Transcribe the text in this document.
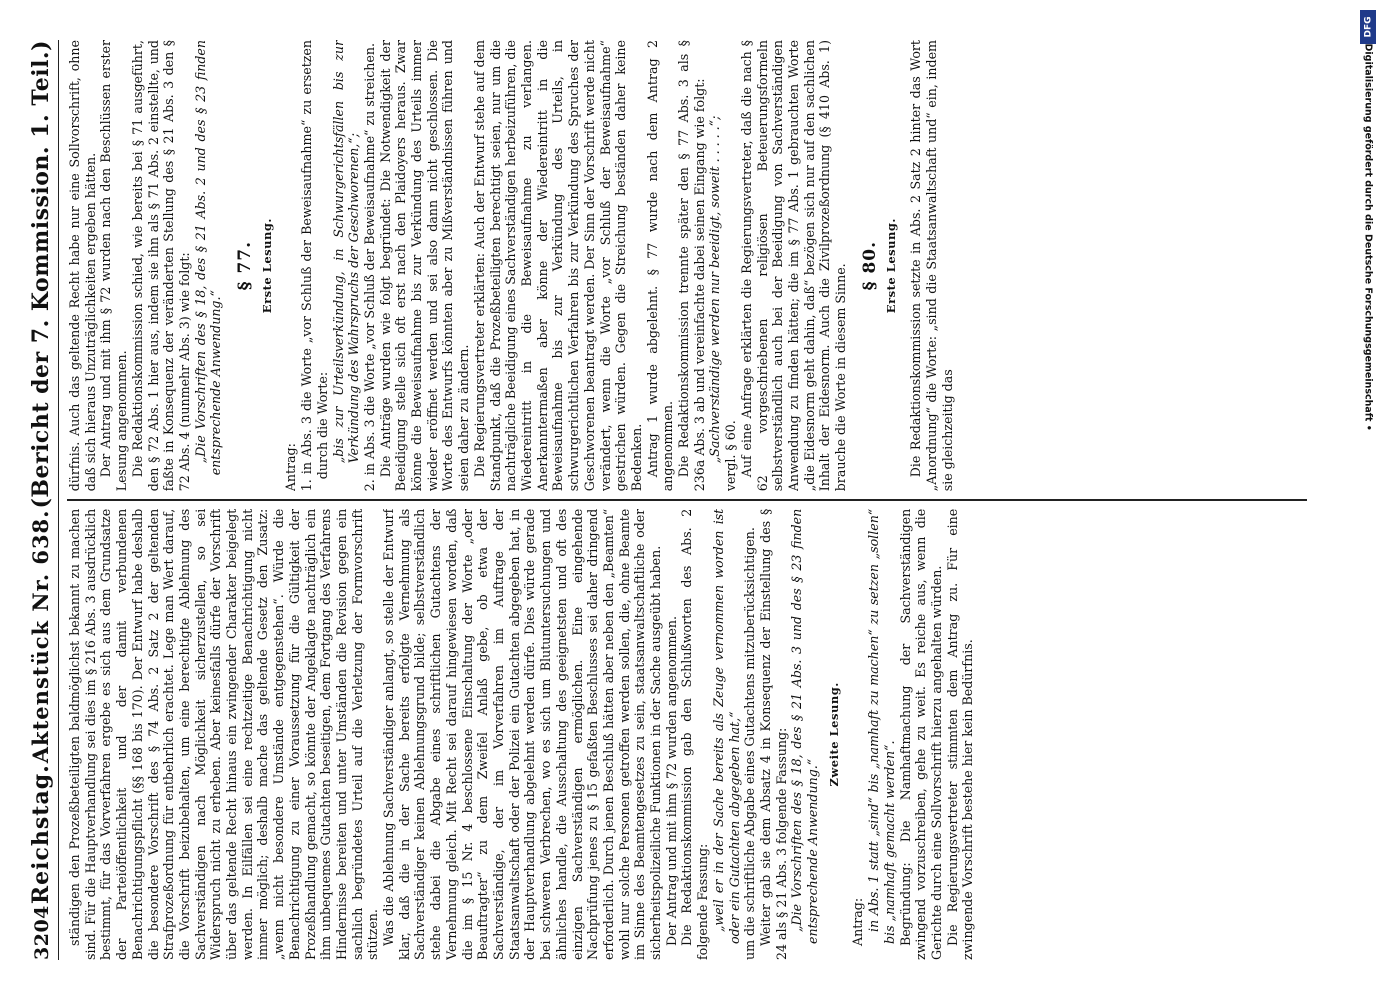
3204
Reichstag.
Aktenstück Nr. 638.
(Bericht der 7. Kommission. 1. Teil.)

ständigen den Prozeßbeteiligten baldmöglichst bekannt zu machen sind. Für die Hauptverhandlung sei dies im § 216 Abs. 3 ausdrücklich bestimmt, für das Vorverfahren ergebe es sich aus dem Grundsatze der Parteiöffentlichkeit und der damit verbundenen Benachrichtigungspflicht (§§ 168 bis 170). Der Entwurf habe deshalb die besondere Vorschrift des § 74 Abs. 2 Satz 2 der geltenden Strafprozeßordnung für entbehrlich erachtet. Lege man Wert darauf, die Vorschrift beizubehalten, um eine berechtigte Ablehnung des Sachverständigen nach Möglichkeit sicherzustellen, so sei Widerspruch nicht zu erheben. Aber keinesfalls dürfe der Vorschrift über das geltende Recht hinaus ein zwingender Charakter beigelegt werden. In Eilfällen sei eine rechtzeitige Benachrichtigung nicht immer möglich; deshalb mache das geltende Gesetz den Zusatz: „wenn nicht besondere Umstände entgegenstehen“. Würde die Benachrichtigung zu einer Voraussetzung für die Gültigkeit der Prozeßhandlung gemacht, so könnte der Angeklagte nachträglich ein ihm unbequemes Gutachten beseitigen, dem Fortgang des Verfahrens Hindernisse bereiten und unter Umständen die Revision gegen ein sachlich begründetes Urteil auf die Verletzung der Formvorschrift stützen. Was die Ablehnung Sachverständiger anlangt, so stelle der Entwurf klar, daß die in der Sache bereits erfolgte Vernehmung als Sachverständiger keinen Ablehnungsgrund bilde; selbstverständlich stehe dabei die Abgabe eines schriftlichen Gutachtens der Vernehmung gleich. Mit Recht sei darauf hingewiesen worden, daß die im § 15 Nr. 4 beschlossene Einschaltung der Worte „oder Beauftragter“ zu dem Zweifel Anlaß gebe, ob etwa der Sachverständige, der im Vorverfahren im Auftrage der Staatsanwaltschaft oder der Polizei ein Gutachten abgegeben hat, in der Hauptverhandlung abgelehnt werden dürfe. Dies würde gerade bei schweren Verbrechen, wo es sich um Blutuntersuchungen und ähnliches handle, die Ausschaltung des geeignetsten und oft des einzigen Sachverständigen ermöglichen. Eine eingehende Nachprüfung jenes zu § 15 gefaßten Beschlusses sei daher dringend erforderlich. Durch jenen Beschluß hätten aber neben den „Beamten“ wohl nur solche Personen getroffen werden sollen, die, ohne Beamte im Sinne des Beamtengesetzes zu sein, staatsanwaltschaftliche oder sicherheitspolizeiliche Funktionen in der Sache ausgeübt haben. Der Antrag und mit ihm § 72 wurden angenommen. Die Redaktionskommission gab den Schlußworten des Abs. 2 folgende Fassung: „weil er in der Sache bereits als Zeuge vernommen worden ist oder ein Gutachten abgegeben hat,“ um die schriftliche Abgabe eines Gutachtens mitzuberücksichtigen. Weiter gab sie dem Absatz 4 in Konsequenz der Einstellung des § 24 als § 21 Abs. 3 folgende Fassung: „Die Vorschriften des § 18, des § 21 Abs. 3 und des § 23 finden entsprechende Anwendung.“

Zweite Lesung.

Antrag: in Abs. 1 statt „sind“ bis „namhaft zu machen“ zu setzen „sollen“ bis „namhaft gemacht werden“. Begründung: Die Namhaftmachung der Sachverständigen zwingend vorzuschreiben, gehe zu weit. Es reiche aus, wenn die Gerichte durch eine Sollvorschrift hierzu angehalten würden. Die Regierungsvertreter stimmten dem Antrag zu. Für eine zwingende Vorschrift bestehe hier kein Bedürfnis.

dürfnis. Auch das geltende Recht habe nur eine Sollvorschrift, ohne daß sich hieraus Unzuträglichkeiten ergeben hätten. Der Antrag und mit ihm § 72 wurden nach den Beschlüssen erster Lesung angenommen. Die Redaktionskommission schied, wie bereits bei § 71 ausgeführt, den § 72 Abs. 1 hier aus, indem sie ihn als § 71 Abs. 2 einstellte, und faßte in Konsequenz der veränderten Stellung des § 21 Abs. 3 den § 72 Abs. 4 (nunmehr Abs. 3) wie folgt: „Die Vorschriften des § 18, des § 21 Abs. 2 und des § 23 finden entsprechende Anwendung.“

§ 77. Erste Lesung.

Antrag: 1. in Abs. 3 die Worte „vor Schluß der Beweisaufnahme“ zu ersetzen durch die Worte: „bis zur Urteilsverkündung, in Schwurgerichtsfällen bis zur Verkündung des Wahrspruchs der Geschworenen,“; 2. in Abs. 3 die Worte „vor Schluß der Beweisaufnahme“ zu streichen. Die Anträge wurden wie folgt begründet: Die Notwendigkeit der Beeidigung stelle sich oft erst nach den Plaidoyers heraus. Zwar könne die Beweisaufnahme bis zur Verkündung des Urteils immer wieder eröffnet werden und sei also dann nicht geschlossen. Die Worte des Entwurfs könnten aber zu Mißverständnissen führen und seien daher zu ändern. Die Regierungsvertreter erklärten: Auch der Entwurf stehe auf dem Standpunkt, daß die Prozeßbeteiligten berechtigt seien, nur um die nachträgliche Beeidigung eines Sachverständigen herbeizuführen, die Wiedereintritt in die Beweisaufnahme zu verlangen. Anerkanntermaßen aber könne der Wiedereintritt in die Beweisaufnahme bis zur Verkündung des Urteils, in schwurgerichtlichen Verfahren bis zur Verkündung des Spruches der Geschworenen beantragt werden. Der Sinn der Vorschrift werde nicht verändert, wenn die Worte „vor Schluß der Beweisaufnahme“ gestrichen würden. Gegen die Streichung beständen daher keine Bedenken. Antrag 1 wurde abgelehnt. § 77 wurde nach dem Antrag 2 angenommen. Die Redaktionskommission trennte später den § 77 Abs. 3 als § 236a Abs. 3 ab und vereinfachte dabei seinen Eingang wie folgt: „Sachverständige werden nur beeidigt, soweit . . . . .“; vergl. § 60. Auf eine Anfrage erklärten die Regierungsvertreter, daß die nach § 62 vorgeschriebenen religiösen Beteuerungsformeln selbstverständlich auch bei der Beeidigung von Sachverständigen Anwendung zu finden hätten; die im § 77 Abs. 1 gebrauchten Worte „die Eidesnorm geht dahin, daß“ bezögen sich nur auf den sachlichen Inhalt der Eidesnorm. Auch die Zivilprozeßordnung (§ 410 Abs. 1) brauche die Worte in diesem Sinne. § 80. Erste Lesung. Die Redaktionskommission setzte in Abs. 2 Satz 2 hinter das Wort „Anordnung“ die Worte: „sind die Staatsanwaltschaft und“ ein, indem sie gleichzeitig das

DFG
Digitalisierung gefördert durch die Deutsche Forschungsgemeinschaft •
